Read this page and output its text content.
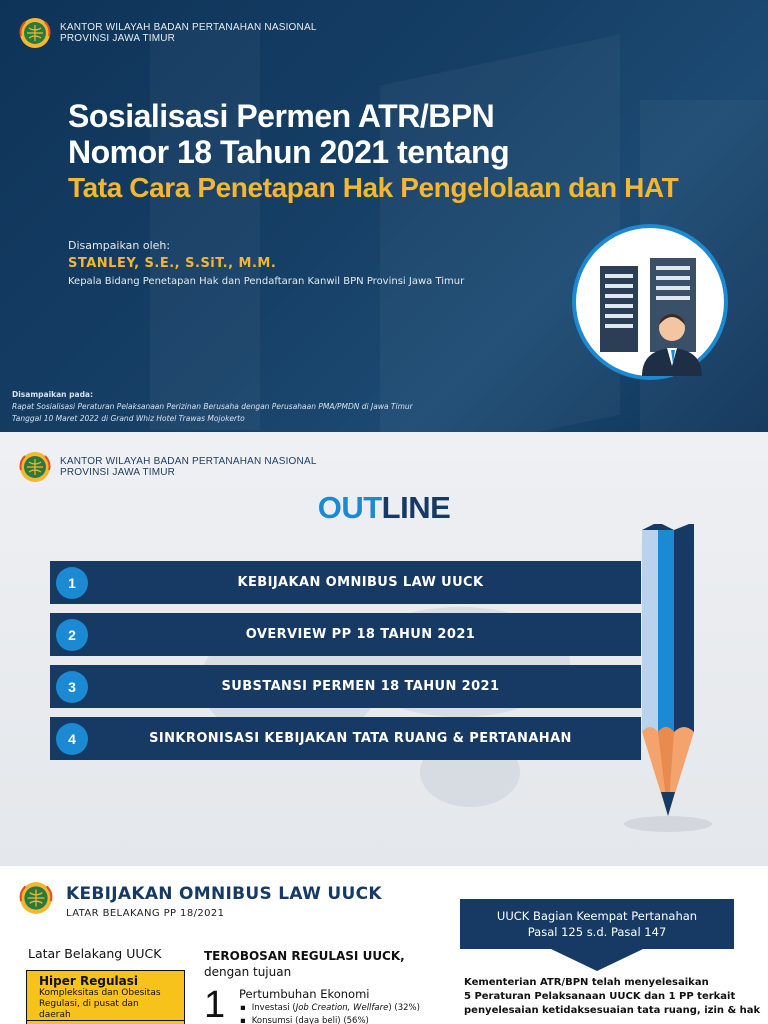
KANTOR WILAYAH BADAN PERTANAHAN NASIONAL
PROVINSI JAWA TIMUR
Sosialisasi Permen ATR/BPN
Nomor 18 Tahun 2021 tentang
Tata Cara Penetapan Hak Pengelolaan dan HAT
Disampaikan oleh:
STANLEY, S.E., S.SiT., M.M.
Kepala Bidang Penetapan Hak dan Pendaftaran Kanwil BPN Provinsi Jawa Timur
Disampaikan pada:
Rapat Sosialisasi Peraturan Pelaksanaan Perizinan Berusaha dengan Perusahaan PMA/PMDN di Jawa Timur
Tanggal 10 Maret 2022 di Grand Whiz Hotel Trawas Mojokerto
KANTOR WILAYAH BADAN PERTANAHAN NASIONAL
PROVINSI JAWA TIMUR
OUTLINE
1	KEBIJAKAN OMNIBUS LAW UUCK
2	OVERVIEW PP 18 TAHUN 2021
3	SUBSTANSI PERMEN 18 TAHUN 2021
4	SINKRONISASI KEBIJAKAN TATA RUANG & PERTANAHAN
KEBIJAKAN OMNIBUS LAW UUCK
LATAR BELAKANG PP 18/2021
Latar Belakang UUCK
Hiper Regulasi
Kompleksitas dan Obesitas Regulasi, di pusat dan daerah
TEROBOSAN REGULASI UUCK,
dengan tujuan
1 Pertumbuhan Ekonomi
▪ Investasi (Job Creation, Wellfare) (32%)
▪ Konsumsi (daya beli) (56%)
UUCK Bagian Keempat Pertanahan
Pasal 125 s.d. Pasal 147
Kementerian ATR/BPN telah menyelesaikan
5 Peraturan Pelaksanaan UUCK dan 1 PP terkait
penyelesaian ketidaksesuaian tata ruang, izin & hak
